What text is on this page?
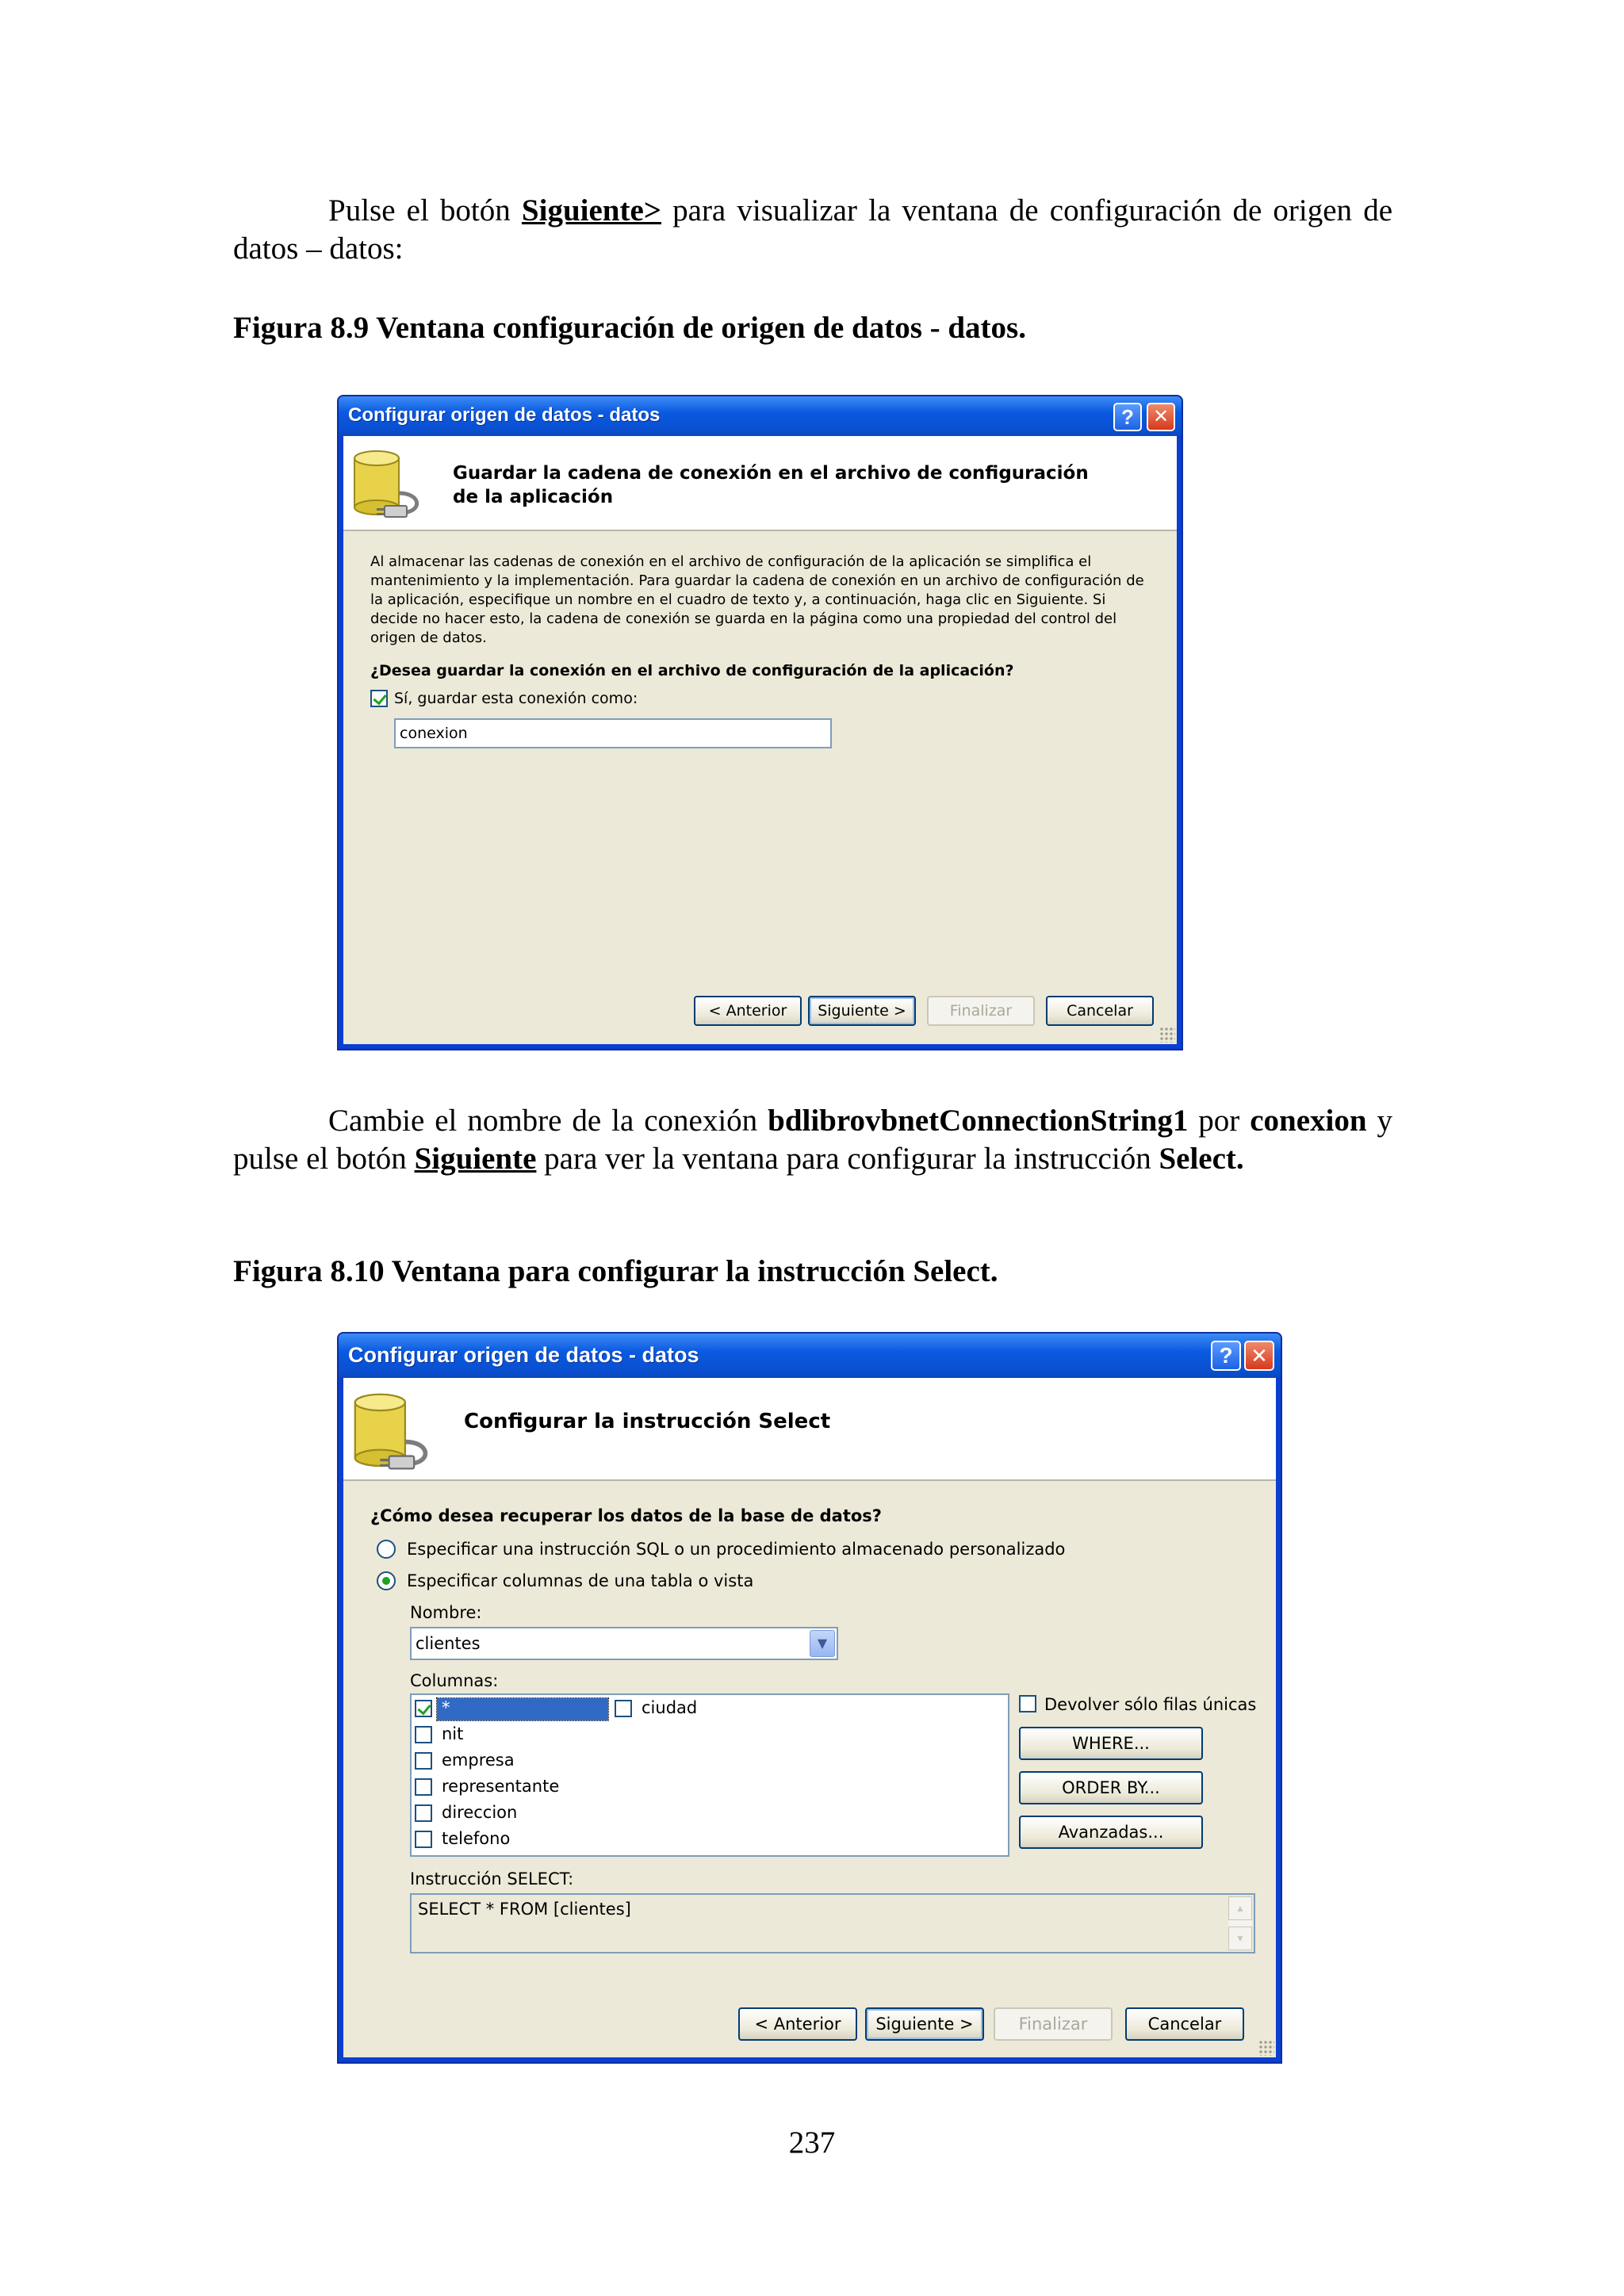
Pulse el botón Siguiente> para visualizar la ventana de configuración de origen de datos – datos:
Figura 8.9 Ventana configuración de origen de datos - datos.
Configurar origen de datos - datos	?	✕
Guardar la cadena de conexión en el archivo de configuración de la aplicación
Al almacenar las cadenas de conexión en el archivo de configuración de la aplicación se simplifica el mantenimiento y la implementación. Para guardar la cadena de conexión en un archivo de configuración de la aplicación, especifique un nombre en el cuadro de texto y, a continuación, haga clic en Siguiente. Si decide no hacer esto, la cadena de conexión se guarda en la página como una propiedad del control del origen de datos.
¿Desea guardar la conexión en el archivo de configuración de la aplicación?
Sí, guardar esta conexión como:
conexion
< Anterior	Siguiente >	Finalizar	Cancelar
Cambie el nombre de la conexión bdlibrovbnetConnectionString1 por conexion y pulse el botón Siguiente para ver la ventana para configurar la instrucción Select.
Figura 8.10 Ventana para configurar la instrucción Select.
Configurar origen de datos - datos	? ✕
Configurar la instrucción Select
¿Cómo desea recuperar los datos de la base de datos?
Especificar una instrucción SQL o un procedimiento almacenado personalizado
Especificar columnas de una tabla o vista
Nombre:
clientes	▼
Columnas:
*	ciudad
nit
empresa
representante
direccion
telefono
Devolver sólo filas únicas
WHERE...
ORDER BY...
Avanzadas...
Instrucción SELECT:
SELECT * FROM [clientes]	▲
▼
< Anterior	Siguiente >	Finalizar	Cancelar
237
